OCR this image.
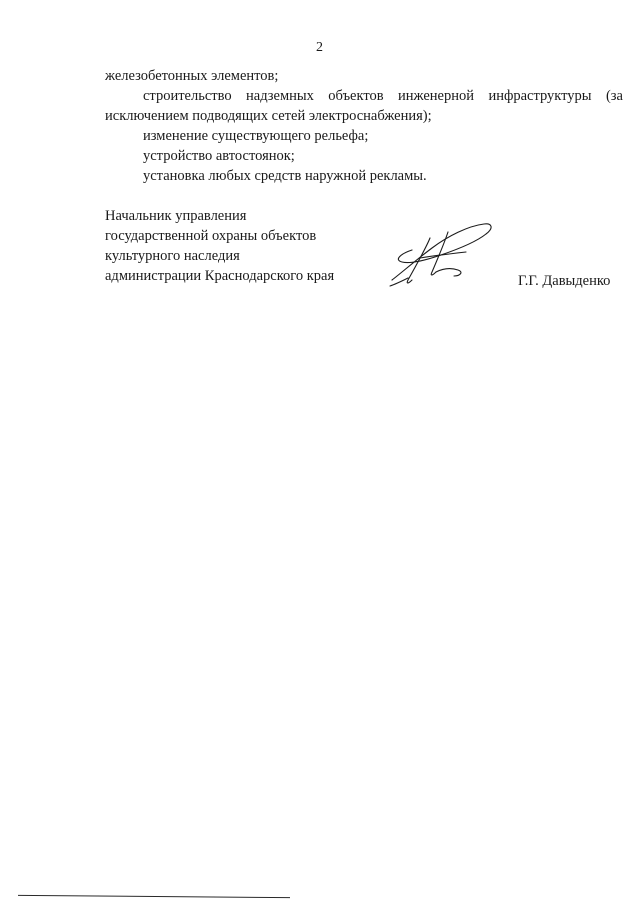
2
железобетонных элементов;
строительство надземных объектов инженерной инфраструктуры (за
исключением подводящих сетей электроснабжения);
изменение существующего рельефа;
устройство автостоянок;
установка любых средств наружной рекламы.
Начальник управления
государственной охраны объектов
культурного наследия
администрации Краснодарского края	Г.Г. Давыденко
